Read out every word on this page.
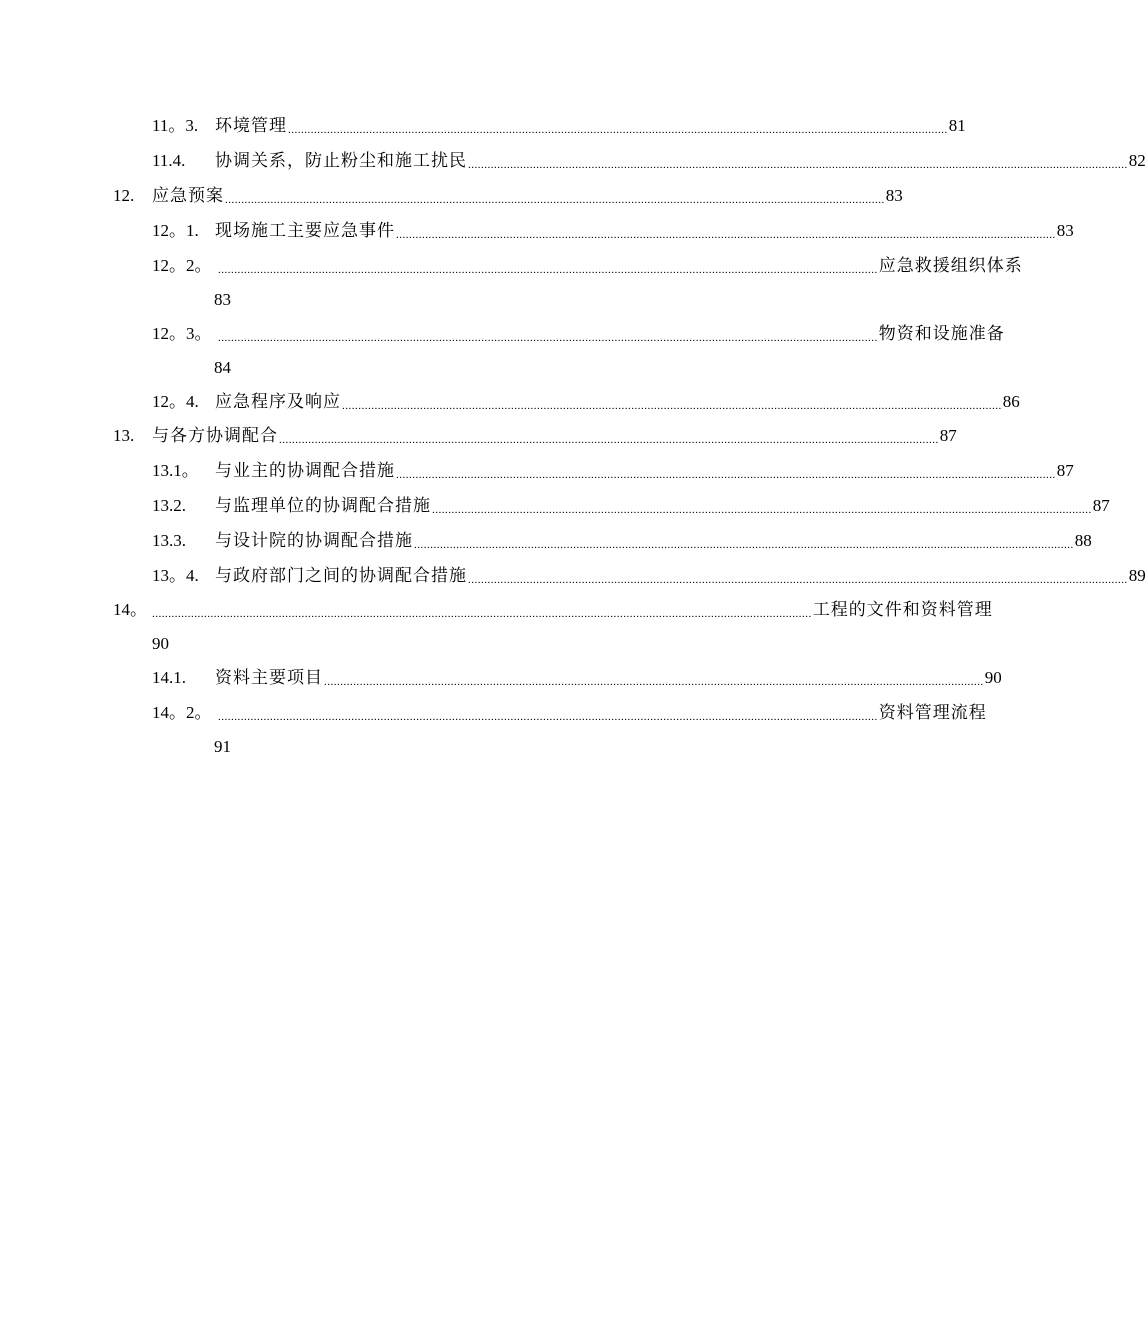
11。3. 环境管理 ........................................................................................................................................................................................................... 81
11.4. 协调关系，防止粉尘和施工扰民 ........................................................................................................................................................................................................... 82
12. 应急预案 ........................................................................................................................................................................................................... 83
12。1. 现场施工主要应急事件 ........................................................................................................................................................................................................... 83
12。2。 ........................................................................................................................................................................................................... 应急救援组织体系
83
12。3。 ........................................................................................................................................................................................................... 物资和设施准备
84
12。4. 应急程序及响应 ........................................................................................................................................................................................................... 86
13. 与各方协调配合 ........................................................................................................................................................................................................... 87
13.1。 与业主的协调配合措施 ........................................................................................................................................................................................................... 87
13.2. 与监理单位的协调配合措施 ........................................................................................................................................................................................................... 87
13.3. 与设计院的协调配合措施 ........................................................................................................................................................................................................... 88
13。4. 与政府部门之间的协调配合措施 ........................................................................................................................................................................................................... 89
14。 ........................................................................................................................................................................................................... 工程的文件和资料管理
90
14.1. 资料主要项目 ........................................................................................................................................................................................................... 90
14。2。 ........................................................................................................................................................................................................... 资料管理流程
91
